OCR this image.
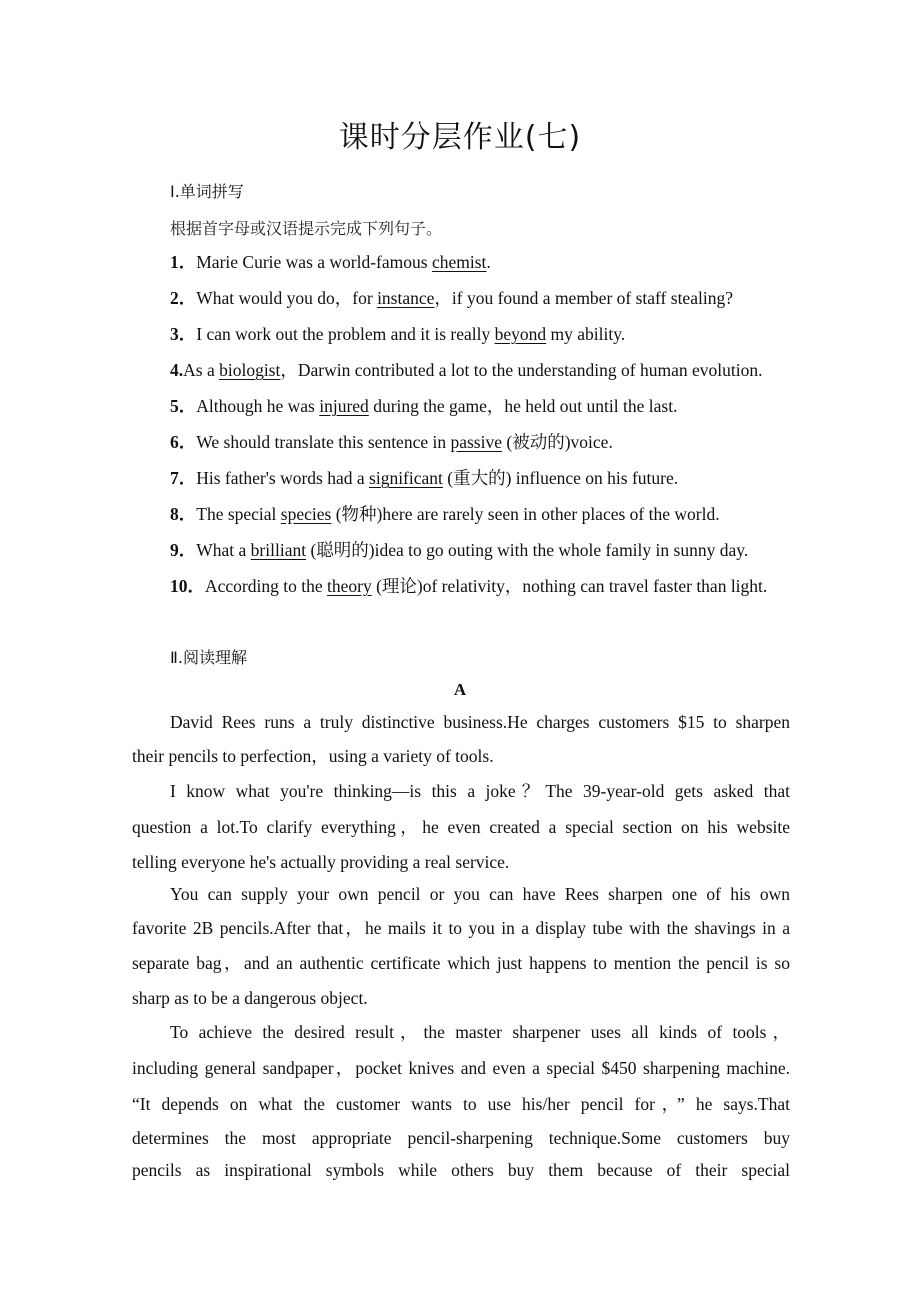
课时分层作业(七)
Ⅰ.单词拼写
根据首字母或汉语提示完成下列句子。
1．Marie Curie was a world-famous chemist.
2．What would you do，for instance，if you found a member of staff stealing?
3．I can work out the problem and it is really beyond my ability.
4.As a biologist，Darwin contributed a lot to the understanding of human evolution.
5．Although he was injured during the game，he held out until the last.
6．We should translate this sentence in passive (被动的)voice.
7．His father's words had a significant (重大的) influence on his future.
8．The special species (物种)here are rarely seen in other places of the world.
9．What a brilliant (聪明的)idea to go outing with the whole family in sunny day.
10．According to the theory (理论)of relativity，nothing can travel faster than light.
Ⅱ.阅读理解
A
David Rees runs a truly distinctive business.He charges customers $15 to sharpen
their pencils to perfection，using a variety of tools.
I know what you're thinking—is this a joke？The 39-year-old gets asked that
question a lot.To clarify everything，he even created a special section on his website
telling everyone he's actually providing a real service.
You can supply your own pencil or you can have Rees sharpen one of his own
favorite 2B pencils.After that，he mails it to you in a display tube with the shavings in a
separate bag，and an authentic certificate which just happens to mention the pencil is so
sharp as to be a dangerous object.
To achieve the desired result，the master sharpener uses all kinds of tools，
including general sandpaper，pocket knives and even a special $450 sharpening machine.
“It depends on what the customer wants to use his/her pencil for，” he says.That
determines the most appropriate pencil-sharpening technique.Some customers buy
pencils as inspirational symbols while others buy them because of their special
